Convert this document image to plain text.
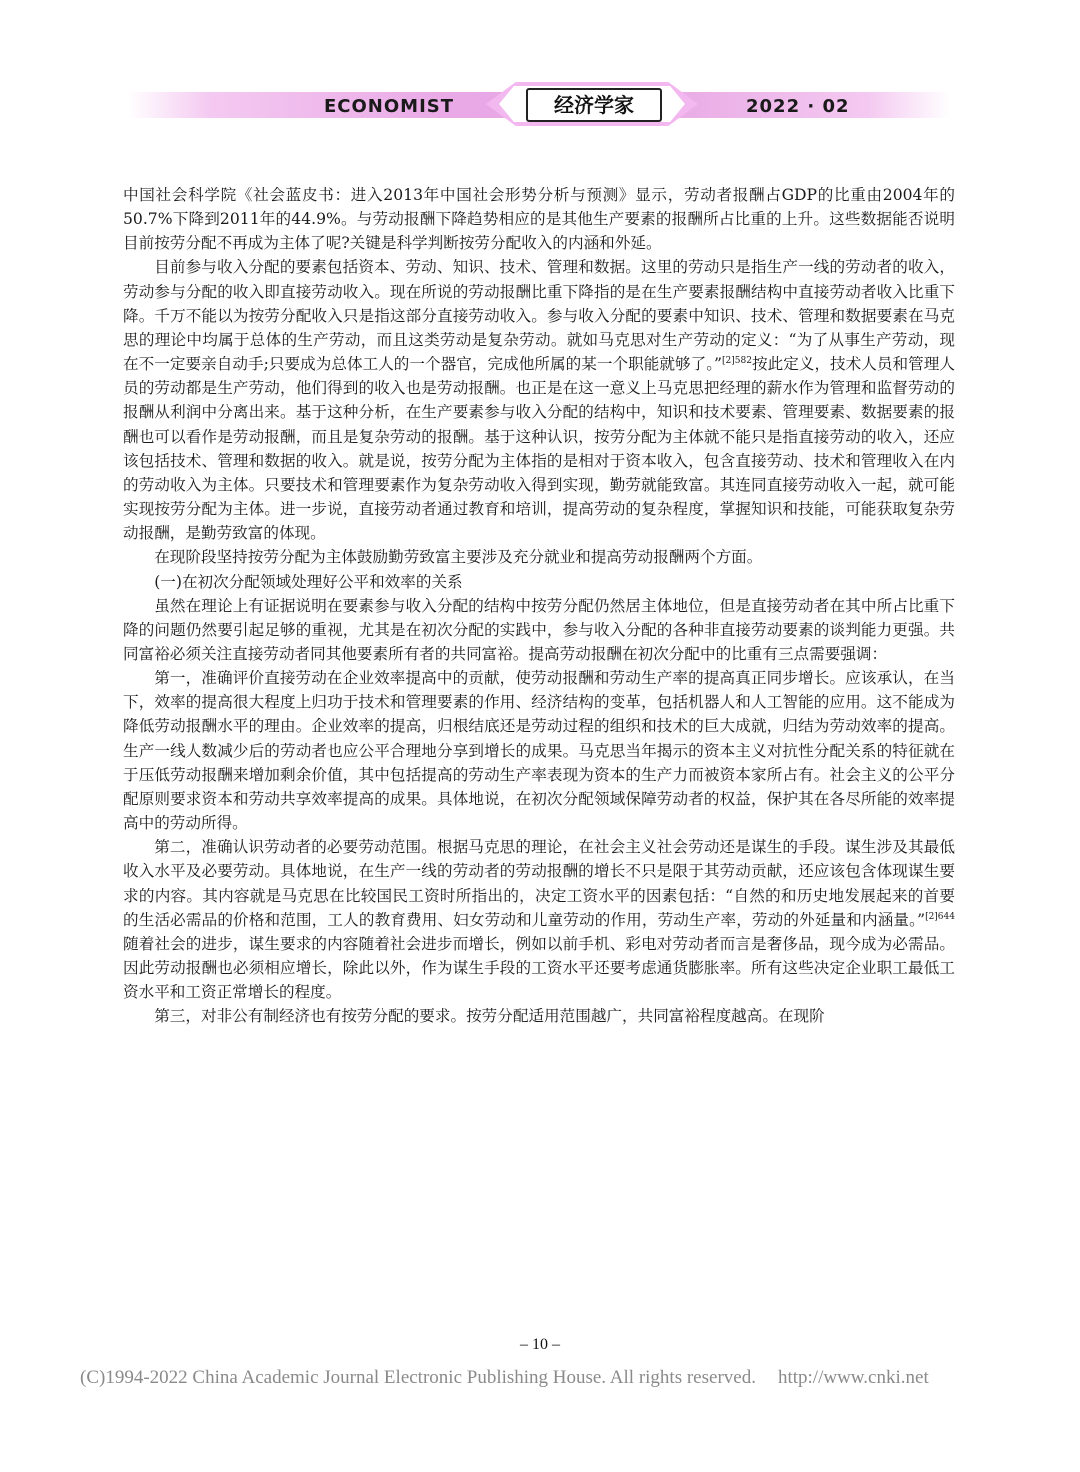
ECONOMIST	经济学家	2022 · 02

中国社会科学院《社会蓝皮书：进入2013年中国社会形势分析与预测》显示，劳动者报酬占GDP的比重由2004年的50.7%下降到2011年的44.9%。与劳动报酬下降趋势相应的是其他生产要素的报酬所占比重的上升。这些数据能否说明目前按劳分配不再成为主体了呢?关键是科学判断按劳分配收入的内涵和外延。

目前参与收入分配的要素包括资本、劳动、知识、技术、管理和数据。这里的劳动只是指生产一线的劳动者的收入，劳动参与分配的收入即直接劳动收入。现在所说的劳动报酬比重下降指的是在生产要素报酬结构中直接劳动者收入比重下降。千万不能以为按劳分配收入只是指这部分直接劳动收入。参与收入分配的要素中知识、技术、管理和数据要素在马克思的理论中均属于总体的生产劳动，而且这类劳动是复杂劳动。就如马克思对生产劳动的定义：“为了从事生产劳动，现在不一定要亲自动手;只要成为总体工人的一个器官，完成他所属的某一个职能就够了。”$^{[2]582}$按此定义，技术人员和管理人员的劳动都是生产劳动，他们得到的收入也是劳动报酬。也正是在这一意义上马克思把经理的薪水作为管理和监督劳动的报酬从利润中分离出来。基于这种分析，在生产要素参与收入分配的结构中，知识和技术要素、管理要素、数据要素的报酬也可以看作是劳动报酬，而且是复杂劳动的报酬。基于这种认识，按劳分配为主体就不能只是指直接劳动的收入，还应该包括技术、管理和数据的收入。就是说，按劳分配为主体指的是相对于资本收入，包含直接劳动、技术和管理收入在内的劳动收入为主体。只要技术和管理要素作为复杂劳动收入得到实现，勤劳就能致富。其连同直接劳动收入一起，就可能实现按劳分配为主体。进一步说，直接劳动者通过教育和培训，提高劳动的复杂程度，掌握知识和技能，可能获取复杂劳动报酬，是勤劳致富的体现。

在现阶段坚持按劳分配为主体鼓励勤劳致富主要涉及充分就业和提高劳动报酬两个方面。

(一)在初次分配领域处理好公平和效率的关系

虽然在理论上有证据说明在要素参与收入分配的结构中按劳分配仍然居主体地位，但是直接劳动者在其中所占比重下降的问题仍然要引起足够的重视，尤其是在初次分配的实践中，参与收入分配的各种非直接劳动要素的谈判能力更强。共同富裕必须关注直接劳动者同其他要素所有者的共同富裕。提高劳动报酬在初次分配中的比重有三点需要强调：

第一，准确评价直接劳动在企业效率提高中的贡献，使劳动报酬和劳动生产率的提高真正同步增长。应该承认，在当下，效率的提高很大程度上归功于技术和管理要素的作用、经济结构的变革，包括机器人和人工智能的应用。这不能成为降低劳动报酬水平的理由。企业效率的提高，归根结底还是劳动过程的组织和技术的巨大成就，归结为劳动效率的提高。生产一线人数减少后的劳动者也应公平合理地分享到增长的成果。马克思当年揭示的资本主义对抗性分配关系的特征就在于压低劳动报酬来增加剩余价值，其中包括提高的劳动生产率表现为资本的生产力而被资本家所占有。社会主义的公平分配原则要求资本和劳动共享效率提高的成果。具体地说，在初次分配领域保障劳动者的权益，保护其在各尽所能的效率提高中的劳动所得。

第二，准确认识劳动者的必要劳动范围。根据马克思的理论，在社会主义社会劳动还是谋生的手段。谋生涉及其最低收入水平及必要劳动。具体地说，在生产一线的劳动者的劳动报酬的增长不只是限于其劳动贡献，还应该包含体现谋生要求的内容。其内容就是马克思在比较国民工资时所指出的，决定工资水平的因素包括：“自然的和历史地发展起来的首要的生活必需品的价格和范围，工人的教育费用、妇女劳动和儿童劳动的作用，劳动生产率，劳动的外延量和内涵量。”$^{[2]644}$随着社会的进步，谋生要求的内容随着社会进步而增长，例如以前手机、彩电对劳动者而言是奢侈品，现今成为必需品。因此劳动报酬也必须相应增长，除此以外，作为谋生手段的工资水平还要考虑通货膨胀率。所有这些决定企业职工最低工资水平和工资正常增长的程度。

第三，对非公有制经济也有按劳分配的要求。按劳分配适用范围越广，共同富裕程度越高。在现阶

– 10 –
(C)1994-2022 China Academic Journal Electronic Publishing House. All rights reserved. http://www.cnki.net
